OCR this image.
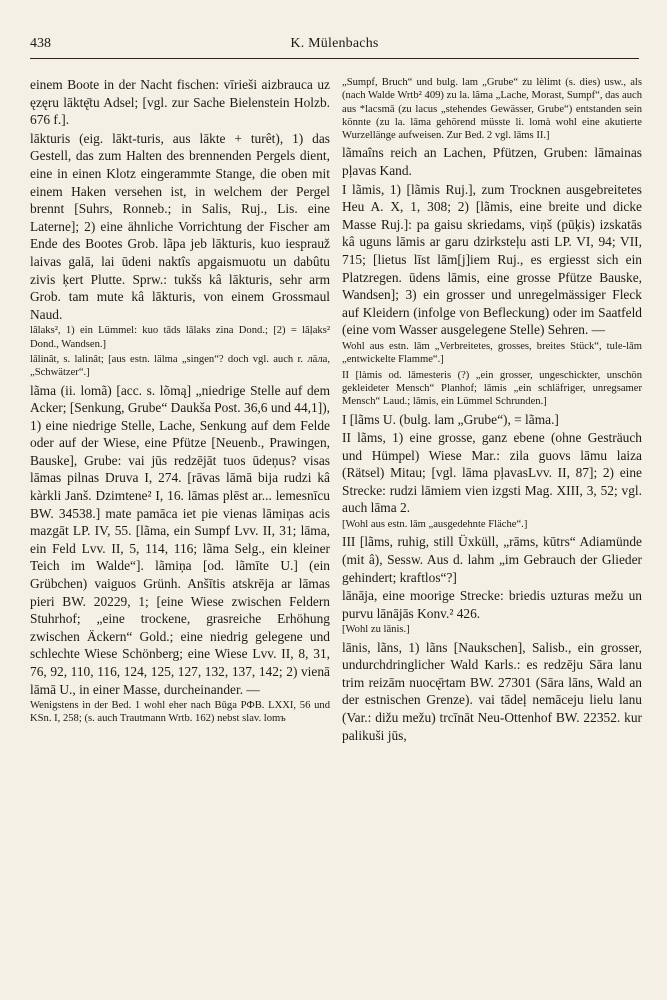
438	K. Mülenbachs

einem Boote in der Nacht fischen: vīrieši aizbrauca uz ęzęru lāktę̄tu Adsel; [vgl. zur Sache Bielenstein Holzb. 676 f.].

lākturis (eig. lākt-turis, aus lākte + turêt), 1) das Gestell, das zum Halten des brennenden Pergels dient, eine in einen Klotz eingerammte Stange, die oben mit einem Haken versehen ist, in welchem der Pergel brennt [Suhrs, Ronneb.; in Salis, Ruj., Lis. eine Laterne]; 2) eine ähnliche Vorrichtung der Fischer am Ende des Bootes Grob. lãpa jeb lākturis, kuo iesprauž laivas galā, lai ūdeni naktîs apgaismuotu un dabûtu zivis ķert Plutte. Sprw.: tukšs kâ lākturis, sehr arm Grob. tam mute kâ lākturis, von einem Grossmaul Naud.

lâlaks², 1) ein Lümmel: kuo tāds lālaks zina Dond.; [2) = lâļaks² Dond., Wandsen.]

lālinât, s. lalinât; [aus estn. lälma „singen“? doch vgl. auch r. лäла, „Schwätzer“.]

lãma (ii. lomã) [acc. s. lõmą] „niedrige Stelle auf dem Acker; [Senkung, Grube“ Daukša Post. 36,6 und 44,1]), 1) eine niedrige Stelle, Lache, Senkung auf dem Felde oder auf der Wiese, eine Pfütze [Neuenb., Prawingen, Bauske], Grube: vai jūs redzējāt tuos ūdeņus? visas lāmas pilnas Druva I, 274. [rāvas lāmā bija rudzi kâ kàrkli Janš. Dzimtene² I, 16. lāmas plēst ar... lemesnīcu BW. 34538.] mate pamāca iet pie vienas lāmiņas acis mazgāt LP. IV, 55. [lãma, ein Sumpf Lvv. II, 31; lāma, ein Feld Lvv. II, 5, 114, 116; lãma Selg., ein kleiner Teich im Walde“]. lãmiņa [od. lãmīte U.] (ein Grübchen) vaiguos Grünh. Anšītis atskrēja ar lāmas pieri BW. 20229, 1; [eine Wiese zwischen Feldern Stuhrhof; „eine trockene, grasreiche Erhöhung zwischen Äckern“ Gold.; eine niedrig gelegene und schlechte Wiese Schönberg; eine Wiese Lvv. II, 8, 31, 76, 92, 110, 116, 124, 125, 127, 132, 137, 142; 2) vienā lāmā U., in einer Masse, durcheinander. —

Wenigstens in der Bed. 1 wohl eher nach Būga РФВ. LXXI, 56 und KSn. I, 258; (s. auch Trautmann Wrtb. 162) nebst slav. lomъ

„Sumpf, Bruch“ und bulg. lam „Grube“ zu lèlimt (s. dies) usw., als (nach Walde Wrtb² 409) zu la. lãma „Lache, Morast, Sumpf“, das auch aus *lacsmā (zu lacus „stehendes Gewässer, Grube“) entstanden sein könnte (zu la. lāma gehörend müsste li. lomà wohl eine akutierte Wurzellänge aufweisen. Zur Bed. 2 vgl. lāms II.]

lãmaîns reich an Lachen, Pfützen, Gruben: lāmainas pļavas Kand.

I lãmis, 1) [lãmis Ruj.], zum Trocknen ausgebreitetes Heu A. X, 1, 308; 2) [lãmis, eine breite und dicke Masse Ruj.]: pa gaisu skriedams, viņš (pūķis) izskatās kâ uguns lāmis ar garu dzirksteļu asti LP. VI, 94; VII, 715; [lietus līst lām[j]iem Ruj., es ergiesst sich ein Platzregen. ūdens lāmis, eine grosse Pfütze Bauske, Wandsen]; 3) ein grosser und unregelmässiger Fleck auf Kleidern (infolge von Befleckung) oder im Saatfeld (eine vom Wasser ausgelegene Stelle) Sehren. —

Wohl aus estn. lām „Verbreitetes, grosses, breites Stück“, tule-lām „entwickelte Flamme“.]

II [làmis od. lāmesteris (?) „ein grosser, ungeschickter, unschön gekleideter Mensch“ Planhof; lāmis „ein schläfriger, unregsamer Mensch“ Laud.; lāmis, ein Lümmel Schrunden.]

I [lãms U. (bulg. lam „Grube“), = lãma.]

II lãms, 1) eine grosse, ganz ebene (ohne Gesträuch und Hümpel) Wiese Mar.: zila guovs lāmu laiza (Rätsel) Mitau; [vgl. lāma pļavasLvv. II, 87]; 2) eine Strecke: rudzi lāmiem vien izgsti Mag. XIII, 3, 52; vgl. auch lāma 2.

[Wohl aus estn. lām „ausgedehnte Fläche“.]

III [lãms, ruhig, still Üxküll, „rāms, kūtrs“ Adiamünde (mit â), Sessw. Aus d. lahm „im Gebrauch der Glieder gehindert; kraftlos“?]

lānāja, eine moorige Strecke: briedis uzturas mežu un purvu lānājās Konv.² 426.

[Wohl zu lānis.]

lānis, lãns, 1) lãns [Naukschen], Salisb., ein grosser, undurchdringlicher Wald Karls.: es redzēju Sāra lanu trim reizām nuocę̄rtam BW. 27301 (Sāra lāns, Wald an der estnischen Grenze). vai tādeļ nemāceju lielu lanu (Var.: dižu mežu) trcīnāt Neu-Ottenhof BW. 22352. kur palikuši jūs,
